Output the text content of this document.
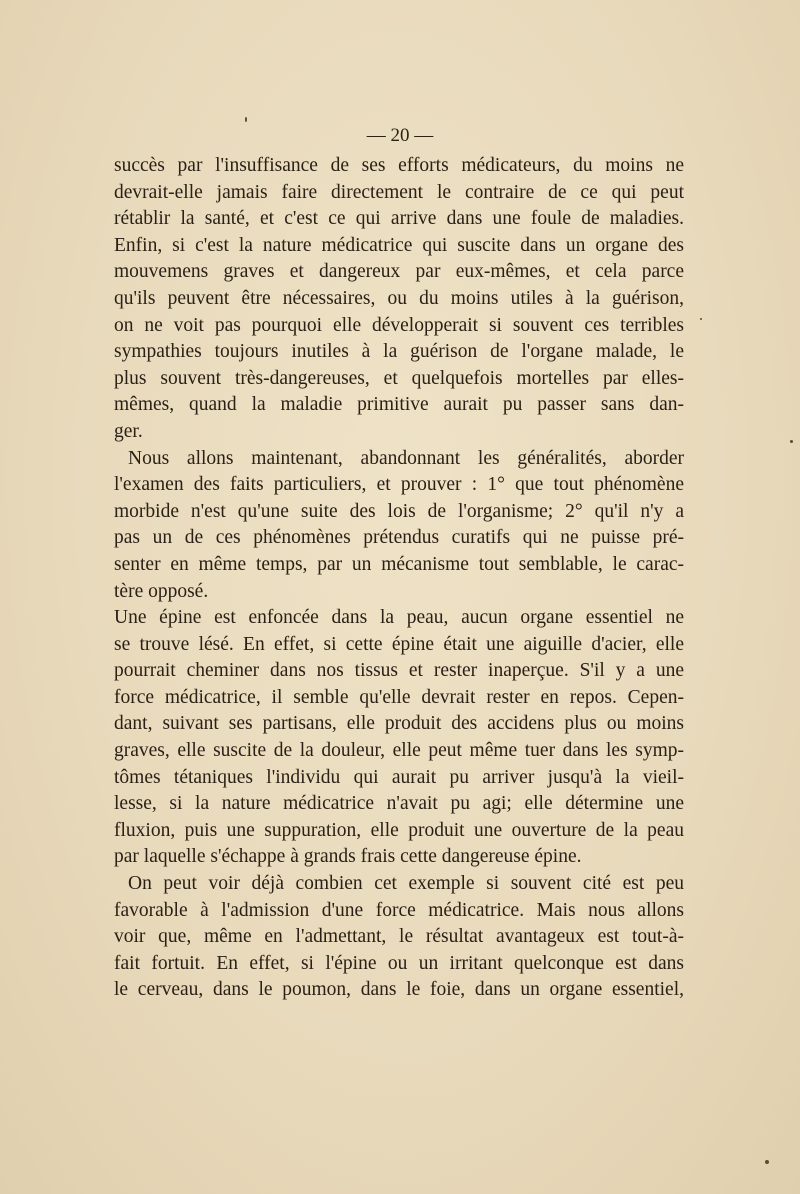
— 20 —
succès par l'insuffisance de ses efforts médicateurs, du moins ne
devrait-elle jamais faire directement le contraire de ce qui peut
rétablir la santé, et c'est ce qui arrive dans une foule de maladies.
Enfin, si c'est la nature médicatrice qui suscite dans un organe des
mouvemens graves et dangereux par eux-mêmes, et cela parce
qu'ils peuvent être nécessaires, ou du moins utiles à la guérison,
on ne voit pas pourquoi elle développerait si souvent ces terribles
sympathies toujours inutiles à la guérison de l'organe malade, le
plus souvent très-dangereuses, et quelquefois mortelles par elles-
mêmes, quand la maladie primitive aurait pu passer sans dan-
ger.
Nous allons maintenant, abandonnant les généralités, aborder
l'examen des faits particuliers, et prouver : 1° que tout phénomène
morbide n'est qu'une suite des lois de l'organisme; 2° qu'il n'y a
pas un de ces phénomènes prétendus curatifs qui ne puisse pré-
senter en même temps, par un mécanisme tout semblable, le carac-
tère opposé.
Une épine est enfoncée dans la peau, aucun organe essentiel ne
se trouve lésé. En effet, si cette épine était une aiguille d'acier, elle
pourrait cheminer dans nos tissus et rester inaperçue. S'il y a une
force médicatrice, il semble qu'elle devrait rester en repos. Cepen-
dant, suivant ses partisans, elle produit des accidens plus ou moins
graves, elle suscite de la douleur, elle peut même tuer dans les symp-
tômes tétaniques l'individu qui aurait pu arriver jusqu'à la vieil-
lesse, si la nature médicatrice n'avait pu agi; elle détermine une
fluxion, puis une suppuration, elle produit une ouverture de la peau
par laquelle s'échappe à grands frais cette dangereuse épine.
On peut voir déjà combien cet exemple si souvent cité est peu
favorable à l'admission d'une force médicatrice. Mais nous allons
voir que, même en l'admettant, le résultat avantageux est tout-à-
fait fortuit. En effet, si l'épine ou un irritant quelconque est dans
le cerveau, dans le poumon, dans le foie, dans un organe essentiel,
